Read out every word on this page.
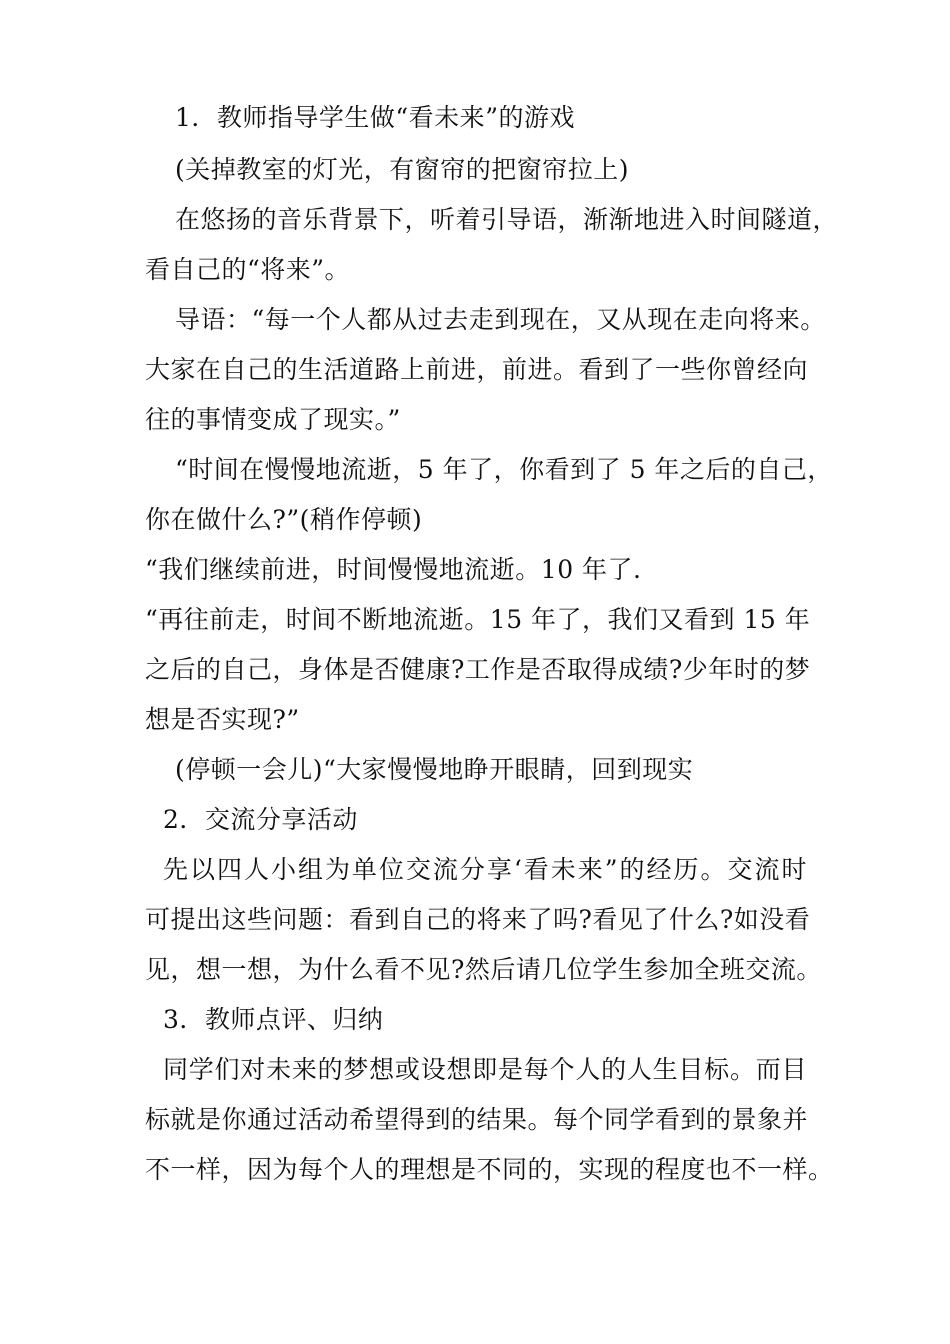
1．教师指导学生做“看未来”的游戏
(关掉教室的灯光，有窗帘的把窗帘拉上)
在悠扬的音乐背景下，听着引导语，渐渐地进入时间隧道，
看自己的“将来”。
导语：“每一个人都从过去走到现在，又从现在走向将来。
大家在自己的生活道路上前进，前进。看到了一些你曾经向
往的事情变成了现实。”
“时间在慢慢地流逝，5 年了，你看到了 5 年之后的自己，
你在做什么?”(稍作停顿)
“我们继续前进，时间慢慢地流逝。10 年了.
“再往前走，时间不断地流逝。15 年了，我们又看到 15 年
之后的自己，身体是否健康?工作是否取得成绩?少年时的梦
想是否实现?”
(停顿一会儿)“大家慢慢地睁开眼睛，回到现实
2．交流分享活动
先以四人小组为单位交流分享‘看未来”的经历。交流时
可提出这些问题：看到自己的将来了吗?看见了什么?如没看
见，想一想，为什么看不见?然后请几位学生参加全班交流。
3．教师点评、归纳
同学们对未来的梦想或设想即是每个人的人生目标。而目
标就是你通过活动希望得到的结果。每个同学看到的景象并
不一样，因为每个人的理想是不同的，实现的程度也不一样。
